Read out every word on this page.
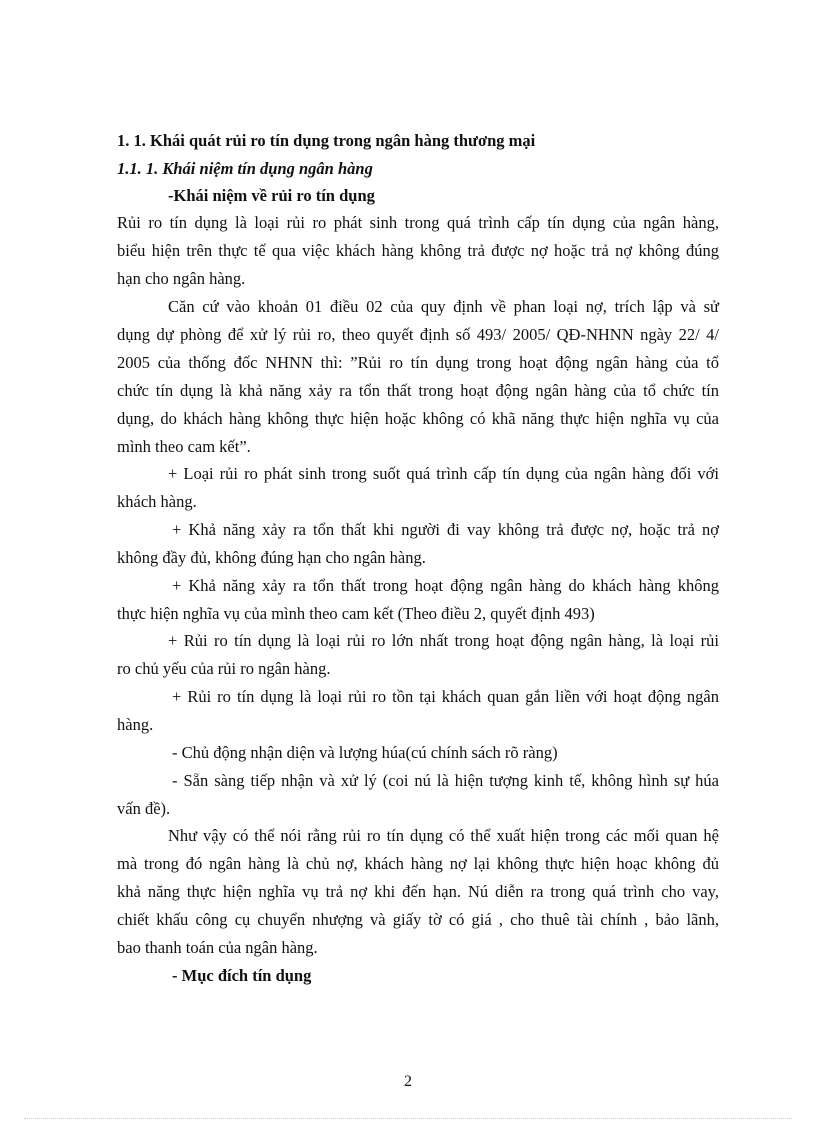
1. 1. Khái quát rủi ro tín dụng trong ngân hàng thương mại
1.1. 1. Khái niệm tín dụng ngân hàng
-Khái niệm về rủi ro tín dụng
Rủi ro tín dụng là loại rủi ro phát sinh trong quá trình cấp tín dụng của ngân hàng,
biểu hiện trên thực tế qua việc khách hàng không trả được nợ hoặc trả nợ không đúng
hạn cho ngân hàng.
Căn cứ vào khoản 01 điều 02 của quy định về phan loại nợ, trích lập và sử
dụng dự phòng để xử lý rủi ro, theo quyết định số 493/ 2005/ QĐ-NHNN ngày 22/ 4/
2005 của thống đốc NHNN thì: ”Rủi ro tín dụng trong hoạt động ngân hàng của tổ
chức tín dụng là khả năng xảy ra tổn thất trong hoạt động ngân hàng của tổ chức tín
dụng, do khách hàng không thực hiện hoặc không có khã năng thực hiện nghĩa vụ của
mình theo cam kết”.
+ Loại rủi ro phát sinh trong suốt quá trình cấp tín dụng của ngân hàng đối với
khách hàng.
+ Khả năng xảy ra tổn thất khi người đi vay không trả được nợ, hoặc trả nợ
không đầy đủ, không đúng hạn cho ngân hàng.
+ Khả năng xảy ra tổn thất trong hoạt động ngân hàng do khách hàng không
thực hiện nghĩa vụ của mình theo cam kết (Theo điều 2, quyết định 493)
+ Rủi ro tín dụng là loại rủi ro lớn nhất trong hoạt động ngân hàng, là loại rủi
ro chủ yếu của rủi ro ngân hàng.
+ Rủi ro tín dụng là loại rủi ro tồn tại khách quan gắn liền với hoạt động ngân
hàng.
- Chủ động nhận diện và lượng húa(cú chính sách rõ ràng)
- Sẵn sàng tiếp nhận và xử lý (coi nú là hiện tượng kinh tế, không hình sự húa
vấn đề).
Như vậy có thể nói rằng rủi ro tín dụng có thể xuất hiện trong các mối quan hệ
mà trong đó ngân hàng là chủ nợ, khách hàng nợ lại không thực hiện hoạc không đủ
khả năng thực hiện nghĩa vụ trả nợ khi đến hạn. Nú diễn ra trong quá trình cho vay,
chiết khấu công cụ chuyển nhượng và giấy tờ có giá , cho thuê tài chính , bảo lãnh,
bao thanh toán của ngân hàng.
- Mục đích tín dụng
2
